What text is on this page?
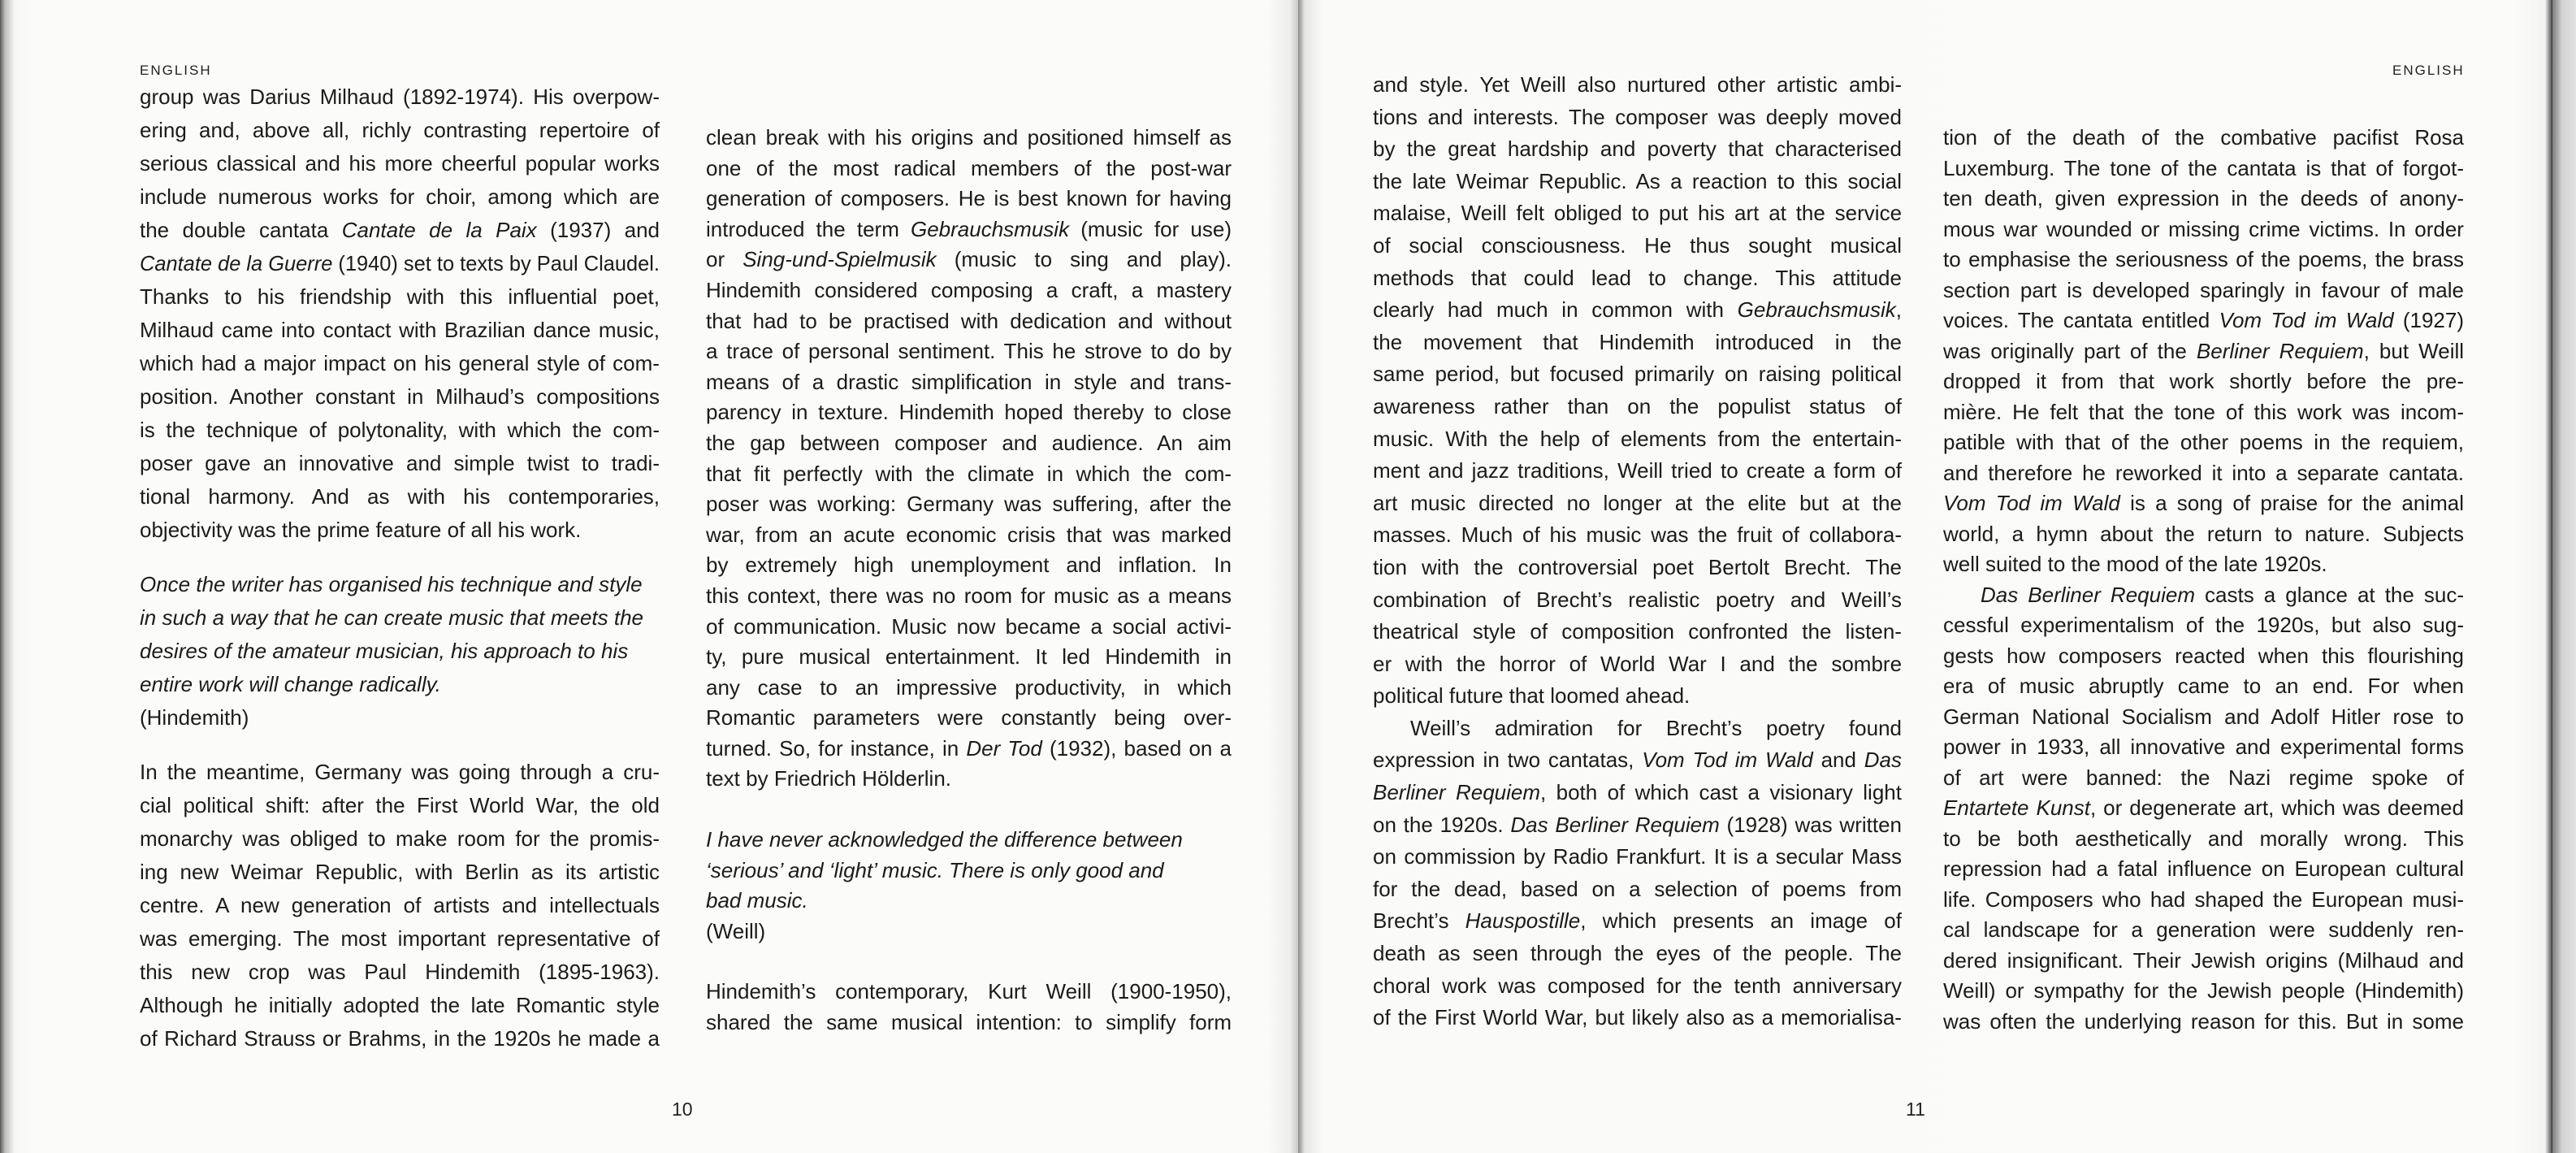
ENGLISH
group was Darius Milhaud (1892-1974). His overpow-
ering and, above all, richly contrasting repertoire of
serious classical and his more cheerful popular works
include numerous works for choir, among which are
the double cantata Cantate de la Paix (1937) and
Cantate de la Guerre (1940) set to texts by Paul Claudel.
Thanks to his friendship with this influential poet,
Milhaud came into contact with Brazilian dance music,
which had a major impact on his general style of com-
position. Another constant in Milhaud’s compositions
is the technique of polytonality, with which the com-
poser gave an innovative and simple twist to tradi-
tional harmony. And as with his contemporaries,
objectivity was the prime feature of all his work.
Once the writer has organised his technique and style
in such a way that he can create music that meets the
desires of the amateur musician, his approach to his
entire work will change radically.
(Hindemith)
In the meantime, Germany was going through a cru-
cial political shift: after the First World War, the old
monarchy was obliged to make room for the promis-
ing new Weimar Republic, with Berlin as its artistic
centre. A new generation of artists and intellectuals
was emerging. The most important representative of
this new crop was Paul Hindemith (1895-1963).
Although he initially adopted the late Romantic style
of Richard Strauss or Brahms, in the 1920s he made a
clean break with his origins and positioned himself as
one of the most radical members of the post-war
generation of composers. He is best known for having
introduced the term Gebrauchsmusik (music for use)
or Sing-und-Spielmusik (music to sing and play).
Hindemith considered composing a craft, a mastery
that had to be practised with dedication and without
a trace of personal sentiment. This he strove to do by
means of a drastic simplification in style and trans-
parency in texture. Hindemith hoped thereby to close
the gap between composer and audience. An aim
that fit perfectly with the climate in which the com-
poser was working: Germany was suffering, after the
war, from an acute economic crisis that was marked
by extremely high unemployment and inflation. In
this context, there was no room for music as a means
of communication. Music now became a social activi-
ty, pure musical entertainment. It led Hindemith in
any case to an impressive productivity, in which
Romantic parameters were constantly being over-
turned. So, for instance, in Der Tod (1932), based on a
text by Friedrich Hölderlin.
I have never acknowledged the difference between
‘serious’ and ‘light’ music. There is only good and
bad music.
(Weill)
Hindemith’s contemporary, Kurt Weill (1900-1950),
shared the same musical intention: to simplify form
10
ENGLISH
and style. Yet Weill also nurtured other artistic ambi-
tions and interests. The composer was deeply moved
by the great hardship and poverty that characterised
the late Weimar Republic. As a reaction to this social
malaise, Weill felt obliged to put his art at the service
of social consciousness. He thus sought musical
methods that could lead to change. This attitude
clearly had much in common with Gebrauchsmusik,
the movement that Hindemith introduced in the
same period, but focused primarily on raising political
awareness rather than on the populist status of
music. With the help of elements from the entertain-
ment and jazz traditions, Weill tried to create a form of
art music directed no longer at the elite but at the
masses. Much of his music was the fruit of collabora-
tion with the controversial poet Bertolt Brecht. The
combination of Brecht’s realistic poetry and Weill’s
theatrical style of composition confronted the listen-
er with the horror of World War I and the sombre
political future that loomed ahead.
Weill’s admiration for Brecht’s poetry found
expression in two cantatas, Vom Tod im Wald and Das
Berliner Requiem, both of which cast a visionary light
on the 1920s. Das Berliner Requiem (1928) was written
on commission by Radio Frankfurt. It is a secular Mass
for the dead, based on a selection of poems from
Brecht’s Hauspostille, which presents an image of
death as seen through the eyes of the people. The
choral work was composed for the tenth anniversary
of the First World War, but likely also as a memorialisa-
tion of the death of the combative pacifist Rosa
Luxemburg. The tone of the cantata is that of forgot-
ten death, given expression in the deeds of anony-
mous war wounded or missing crime victims. In order
to emphasise the seriousness of the poems, the brass
section part is developed sparingly in favour of male
voices. The cantata entitled Vom Tod im Wald (1927)
was originally part of the Berliner Requiem, but Weill
dropped it from that work shortly before the pre-
mière. He felt that the tone of this work was incom-
patible with that of the other poems in the requiem,
and therefore he reworked it into a separate cantata.
Vom Tod im Wald is a song of praise for the animal
world, a hymn about the return to nature. Subjects
well suited to the mood of the late 1920s.
Das Berliner Requiem casts a glance at the suc-
cessful experimentalism of the 1920s, but also sug-
gests how composers reacted when this flourishing
era of music abruptly came to an end. For when
German National Socialism and Adolf Hitler rose to
power in 1933, all innovative and experimental forms
of art were banned: the Nazi regime spoke of
Entartete Kunst, or degenerate art, which was deemed
to be both aesthetically and morally wrong. This
repression had a fatal influence on European cultural
life. Composers who had shaped the European musi-
cal landscape for a generation were suddenly ren-
dered insignificant. Their Jewish origins (Milhaud and
Weill) or sympathy for the Jewish people (Hindemith)
was often the underlying reason for this. But in some
11
